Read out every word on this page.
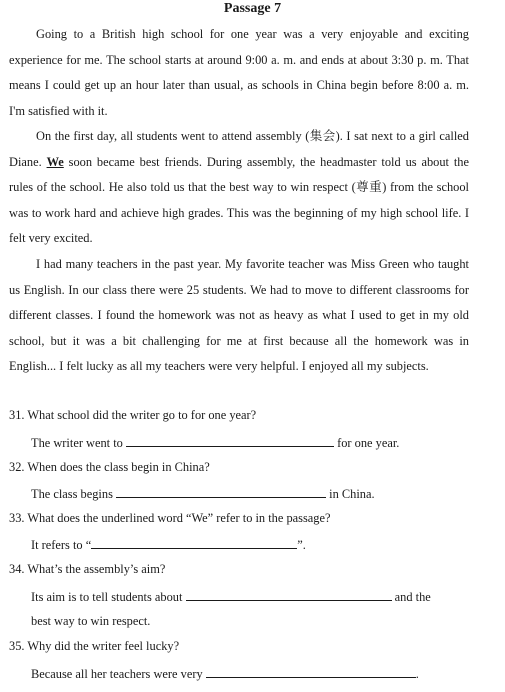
Passage 7

Going to a British high school for one year was a very enjoyable and exciting experience for me. The school starts at around 9:00 a. m. and ends at about 3:30 p. m. That means I could get up an hour later than usual, as schools in China begin before 8:00 a. m. I'm satisfied with it.

On the first day, all students went to attend assembly (集会). I sat next to a girl called Diane. We soon became best friends. During assembly, the headmaster told us about the rules of the school. He also told us that the best way to win respect (尊重) from the school was to work hard and achieve high grades. This was the beginning of my high school life. I felt very excited.

I had many teachers in the past year. My favorite teacher was Miss Green who taught us English. In our class there were 25 students. We had to move to different classrooms for different classes. I found the homework was not as heavy as what I used to get in my old school, but it was a bit challenging for me at first because all the homework was in English... I felt lucky as all my teachers were very helpful. I enjoyed all my subjects.

31. What school did the writer go to for one year?
The writer went to	for one year.
32. When does the class begin in China?
The class begins	in China.
33. What does the underlined word “We” refer to in the passage?
It refers to “	”.
34. What’s the assembly’s aim?
Its aim is to tell students about	and the
best way to win respect.
35. Why did the writer feel lucky?
Because all her teachers were very	.
